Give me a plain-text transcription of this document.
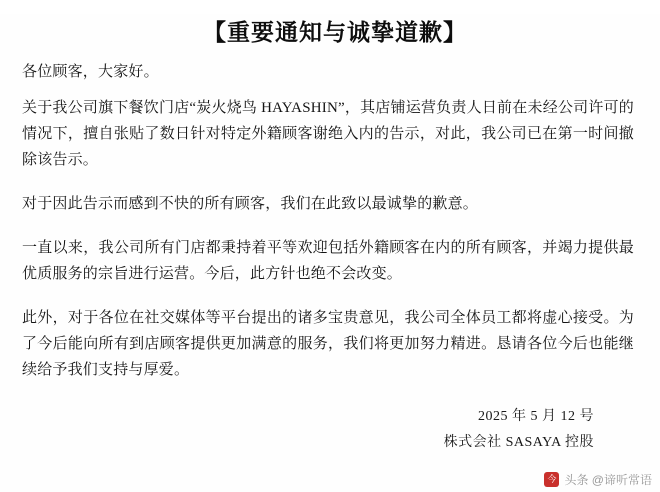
【重要通知与诚挚道歉】

各位顾客，大家好。

关于我公司旗下餐饮门店“炭火烧鸟 HAYASHIN”，其店铺运营负责人日前在未经公司许可的情况下，擅自张贴了数日针对特定外籍顾客谢绝入内的告示，对此，我公司已在第一时间撤除该告示。

对于因此告示而感到不快的所有顾客，我们在此致以最诚挚的歉意。

一直以来，我公司所有门店都秉持着平等欢迎包括外籍顾客在内的所有顾客，并竭力提供最优质服务的宗旨进行运营。今后，此方针也绝不会改变。

此外，对于各位在社交媒体等平台提出的诸多宝贵意见，我公司全体员工都将虚心接受。为了今后能向所有到店顾客提供更加满意的服务，我们将更加努力精进。恳请各位今后也能继续给予我们支持与厚爱。

2025 年 5 月 12 号
株式会社 SASAYA 控股
今 头条 @谛听常语
